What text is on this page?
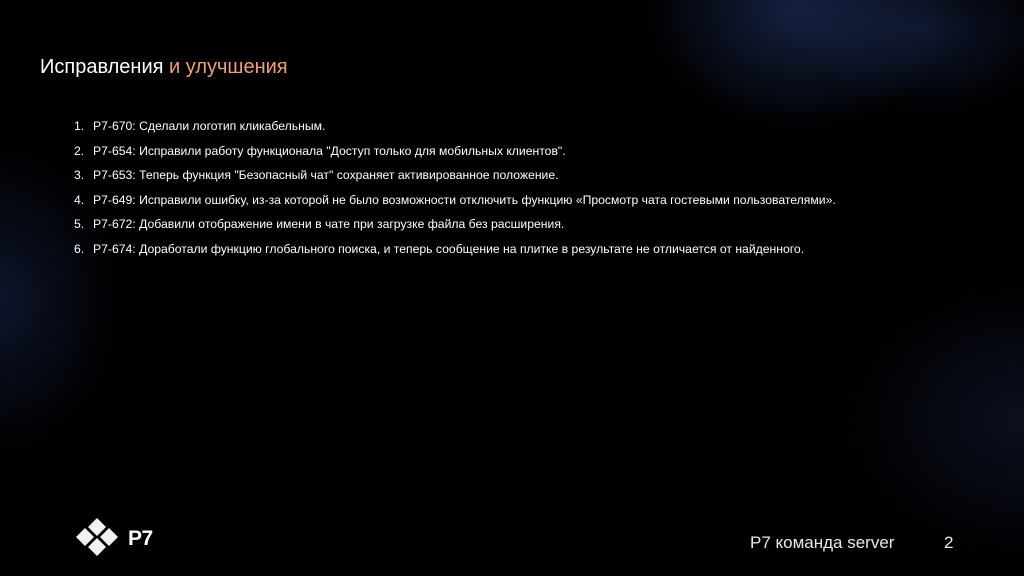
Исправления и улучшения
1. P7-670: Сделали логотип кликабельным.
2. P7-654: Исправили работу функционала "Доступ только для мобильных клиентов".
3. P7-653: Теперь функция "Безопасный чат" сохраняет активированное положение.
4. P7-649: Исправили ошибку, из-за которой не было возможности отключить функцию «Просмотр чата гостевыми пользователями».
5. P7-672: Добавили отображение имени в чате при загрузке файла без расширения.
6. P7-674: Доработали функцию глобального поиска, и теперь сообщение на плитке в результате не отличается от найденного.
P7	P7 команда server	2
